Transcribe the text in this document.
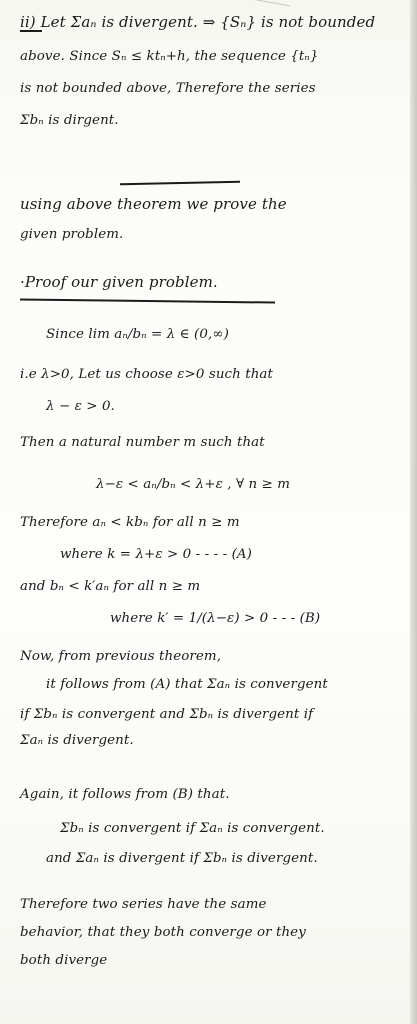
ii) Let Σaₙ is divergent. ⇒ {Sₙ} is not bounded
above. Since Sₙ ≤ ktₙ+h, the sequence {tₙ}
is not bounded above, Therefore the series
Σbₙ is dirgent.
using above theorem we prove the
given problem.
·Proof our given problem.
Since lim aₙ/bₙ = λ ∈ (0,∞)
i.e λ>0, Let us choose ε>0 such that
λ − ε > 0.
Then a natural number m such that
λ−ε < aₙ/bₙ < λ+ε , ∀ n ≥ m
Therefore aₙ < kbₙ for all n ≥ m
where k = λ+ε > 0 - - - - (A)
and bₙ < k′aₙ for all n ≥ m
where k′ = 1/(λ−ε) > 0 - - - (B)
Now, from previous theorem,
it follows from (A) that Σaₙ is convergent
if Σbₙ is convergent and Σbₙ is divergent if
Σaₙ is divergent.
Again, it follows from (B) that.
Σbₙ is convergent if Σaₙ is convergent.
and Σaₙ is divergent if Σbₙ is divergent.
Therefore two series have the same
behavior, that they both converge or they
both diverge
